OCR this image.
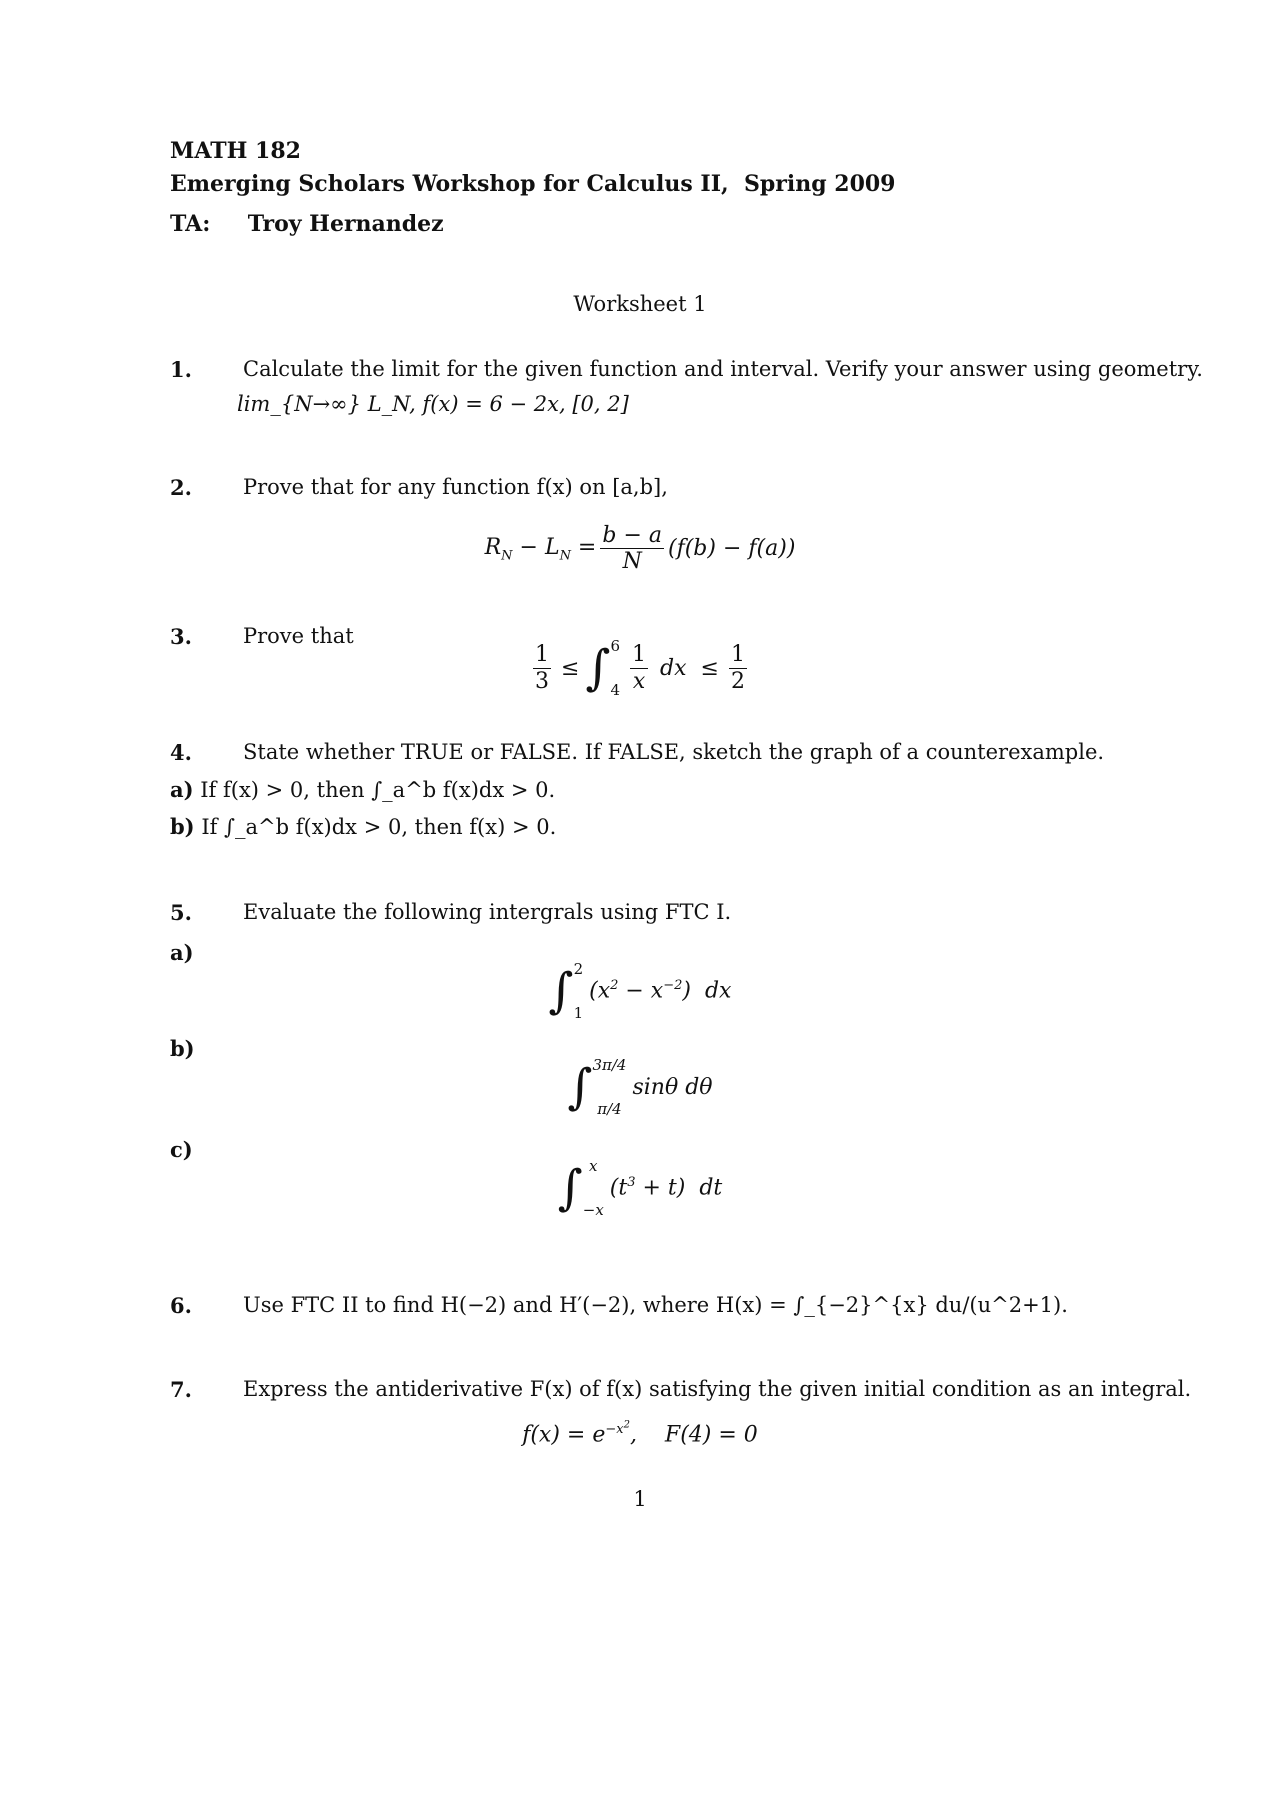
MATH 182
Emerging Scholars Workshop for Calculus II, Spring 2009
TA: Troy Hernandez
Worksheet 1
1. Calculate the limit for the given function and interval. Verify your answer using geometry.
lim_{N→∞} L_N, f(x) = 6 − 2x, [0, 2]
2. Prove that for any function f(x) on [a,b],
$R_N - L_N = \frac{b - a}{N} (f(b) - f(a))$
3. Prove that
$\frac{1}{3}$ ≤ ∫ 6
$4 \frac{1}{x}$ dx ≤ $\frac{1}{2}$
4. State whether TRUE or FALSE. If FALSE, sketch the graph of a counterexample.
a) If f(x) > 0, then ∫_a^b f(x)dx > 0.
b) If ∫_a^b f(x)dx > 0, then f(x) > 0.
5. Evaluate the following intergrals using FTC I.
a)
∫ 2
1
$(x^2 - x^{-2})$  dx
b)
∫ 3π/4
π/4
sinθ dθ
c)
∫ x
−x
$(t^3 + t)$  dt
6. Use FTC II to find H(−2) and H′(−2), where H(x) = ∫_{−2}^{x} du/(u^2+1).
7. Express the antiderivative F(x) of f(x) satisfying the given initial condition as an integral.
$f(x) = e^{-x^2}$,    F(4) = 0
1
